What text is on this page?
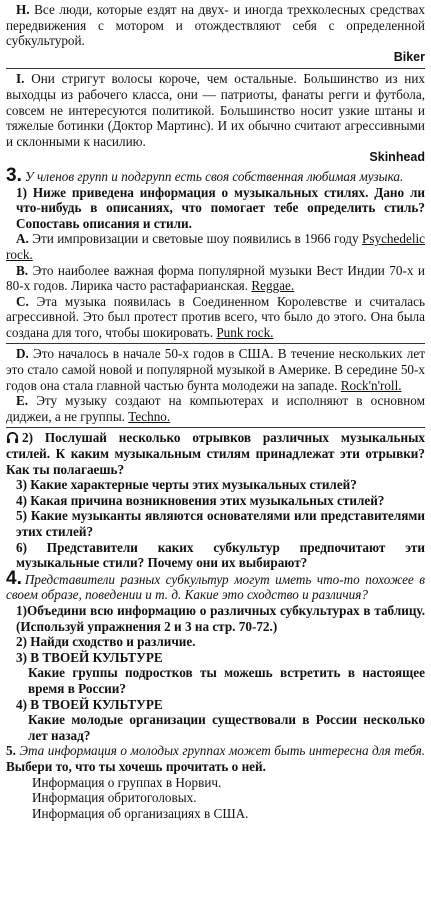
H. Все люди, которые ездят на двух- и иногда трехколесных средствах передвижения с мотором и отождествляют себя с определенной субкультурой.

Biker

I. Они стригут волосы короче, чем остальные. Большинство из них выходцы из рабочего класса, они — патриоты, фанаты регги и футбола, совсем не интересуются политикой. Большинство носит узкие штаны и тяжелые ботинки (Доктор Мартинс). И их обычно считают агрессивными и склонными к насилию.

Skinhead

3. У членов групп и подгрупп есть своя собственная любимая музыка.

1) Ниже приведена информация о музыкальных стилях. Дано ли что-нибудь в описаниях, что помогает тебе определить стиль? Сопоставь описания и стили.

A. Эти импровизации и световые шоу появились в 1966 году Psychedelic rock.

B. Это наиболее важная форма популярной музыки Вест Индии 70-х и 80-х годов. Лирика часто растафарианская. Reggae.

C. Эта музыка появилась в Соединенном Королевстве и считалась агрессивной. Это был протест против всего, что было до этого. Она была создана для того, чтобы шокировать. Punk rock.

D. Это началось в начале 50-х годов в США. В течение нескольких лет это стало самой новой и популярной музыкой в Америке. В середине 50-х годов она стала главной частью бунта молодежи на западе. Rock'n'roll.

E. Эту музыку создают на компьютерах и исполняют в основном диджеи, а не группы. Techno.

2) Послушай несколько отрывков различных музыкальных стилей. К каким музыкальным стилям принадлежат эти отрывки? Как ты полагаешь?

3) Какие характерные черты этих музыкальных стилей?

4) Какая причина возникновения этих музыкальных стилей?

5) Какие музыканты являются основателями или представителями этих стилей?

6) Представители каких субкультур предпочитают эти музыкальные стили? Почему они их выбирают?

4. Представители разных субкультур могут иметь что-то похожее в своем образе, поведении и т. д. Какие это сходство и различия?

1)Объедини всю информацию о различных субкультурах в таблицу. (Используй упражнения 2 и 3 на стр. 70-72.)

2) Найди сходство и различие.

3) В ТВОЕЙ КУЛЬТУРЕ

Какие группы подростков ты можешь встретить в настоящее время в России?

4) В ТВОЕЙ КУЛЬТУРЕ

Какие молодые организации существовали в России несколько лет назад?

5. Эта информация о молодых группах может быть интересна для тебя. Выбери то, что ты хочешь прочитать о ней.

Информация о группах в Норвич.

Информация обритоголовых.

Информация об организациях в США.
